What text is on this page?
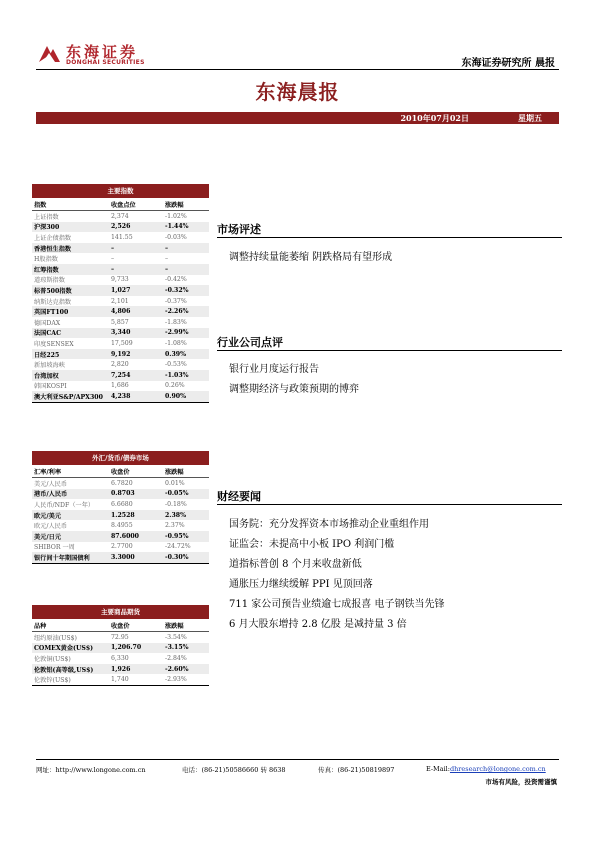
东海证券
DONGHAI SECURITIES	东海证券研究所 晨报
东海晨报
2010年07月02日	星期五
主要指数
指数	收盘点位	涨跌幅
上证指数	2,374	-1.02%
沪深300	2,526	-1.44%
上证企债指数	141.55	-0.03%
香港恒生指数	–	–
H股指数	–	–
红筹指数	–	–
道琼斯指数	9,733	-0.42%
标普500指数	1,027	-0.32%
纳斯达克指数	2,101	-0.37%
英国FT100	4,806	-2.26%
德国DAX	5,857	-1.83%
法国CAC	3,340	-2.99%
印度SENSEX	17,509	-1.08%
日经225	9,192	0.39%
新加坡海峡	2,820	-0.53%
台湾加权	7,254	-1.03%
韩国KOSPI	1,686	0.26%
澳大利亚S&P/APX300	4,238	0.90%
外汇/货币/债券市场
汇率/利率	收盘价	涨跌幅
美元/人民币	6.7820	0.01%
港币/人民币	0.8703	-0.05%
人民币/NDF（一年）	6.6680	-0.18%
欧元/美元	1.2528	2.38%
欧元/人民币	8.4955	2.37%
美元/日元	87.6000	-0.95%
SHIBOR 一周	2.7700	-24.72%
银行间十年期国债利	3.3000	-0.30%
主要商品期货
品种	收盘价	涨跌幅
纽约原油(US$)	72.95	-3.54%
COMEX黄金(US$)	1,206.70	-3.15%
伦敦铜(US$)	6,330	-2.84%
伦敦铝(高等级,US$)	1,926	-2.60%
伦敦锌(US$)	1,740	-2.93%
市场评述
调整持续量能萎缩 阴跌格局有望形成
行业公司点评
银行业月度运行报告
调整期经济与政策预期的博弈
财经要闻
国务院：充分发挥资本市场推动企业重组作用
证监会：未提高中小板 IPO 利润门槛
道指标普创 8 个月来收盘新低
通胀压力继续缓解 PPI 见顶回落
711 家公司预告业绩逾七成报喜 电子钢铁当先锋
6 月大股东增持 2.8 亿股 是减持量 3 倍
网址：http://www.longone.com.cn	电话：(86-21)50586660 转 8638	传真：(86-21)50819897	E-Mail:dhresearch@longone.com.cn
市场有风险，投资需谨慎
